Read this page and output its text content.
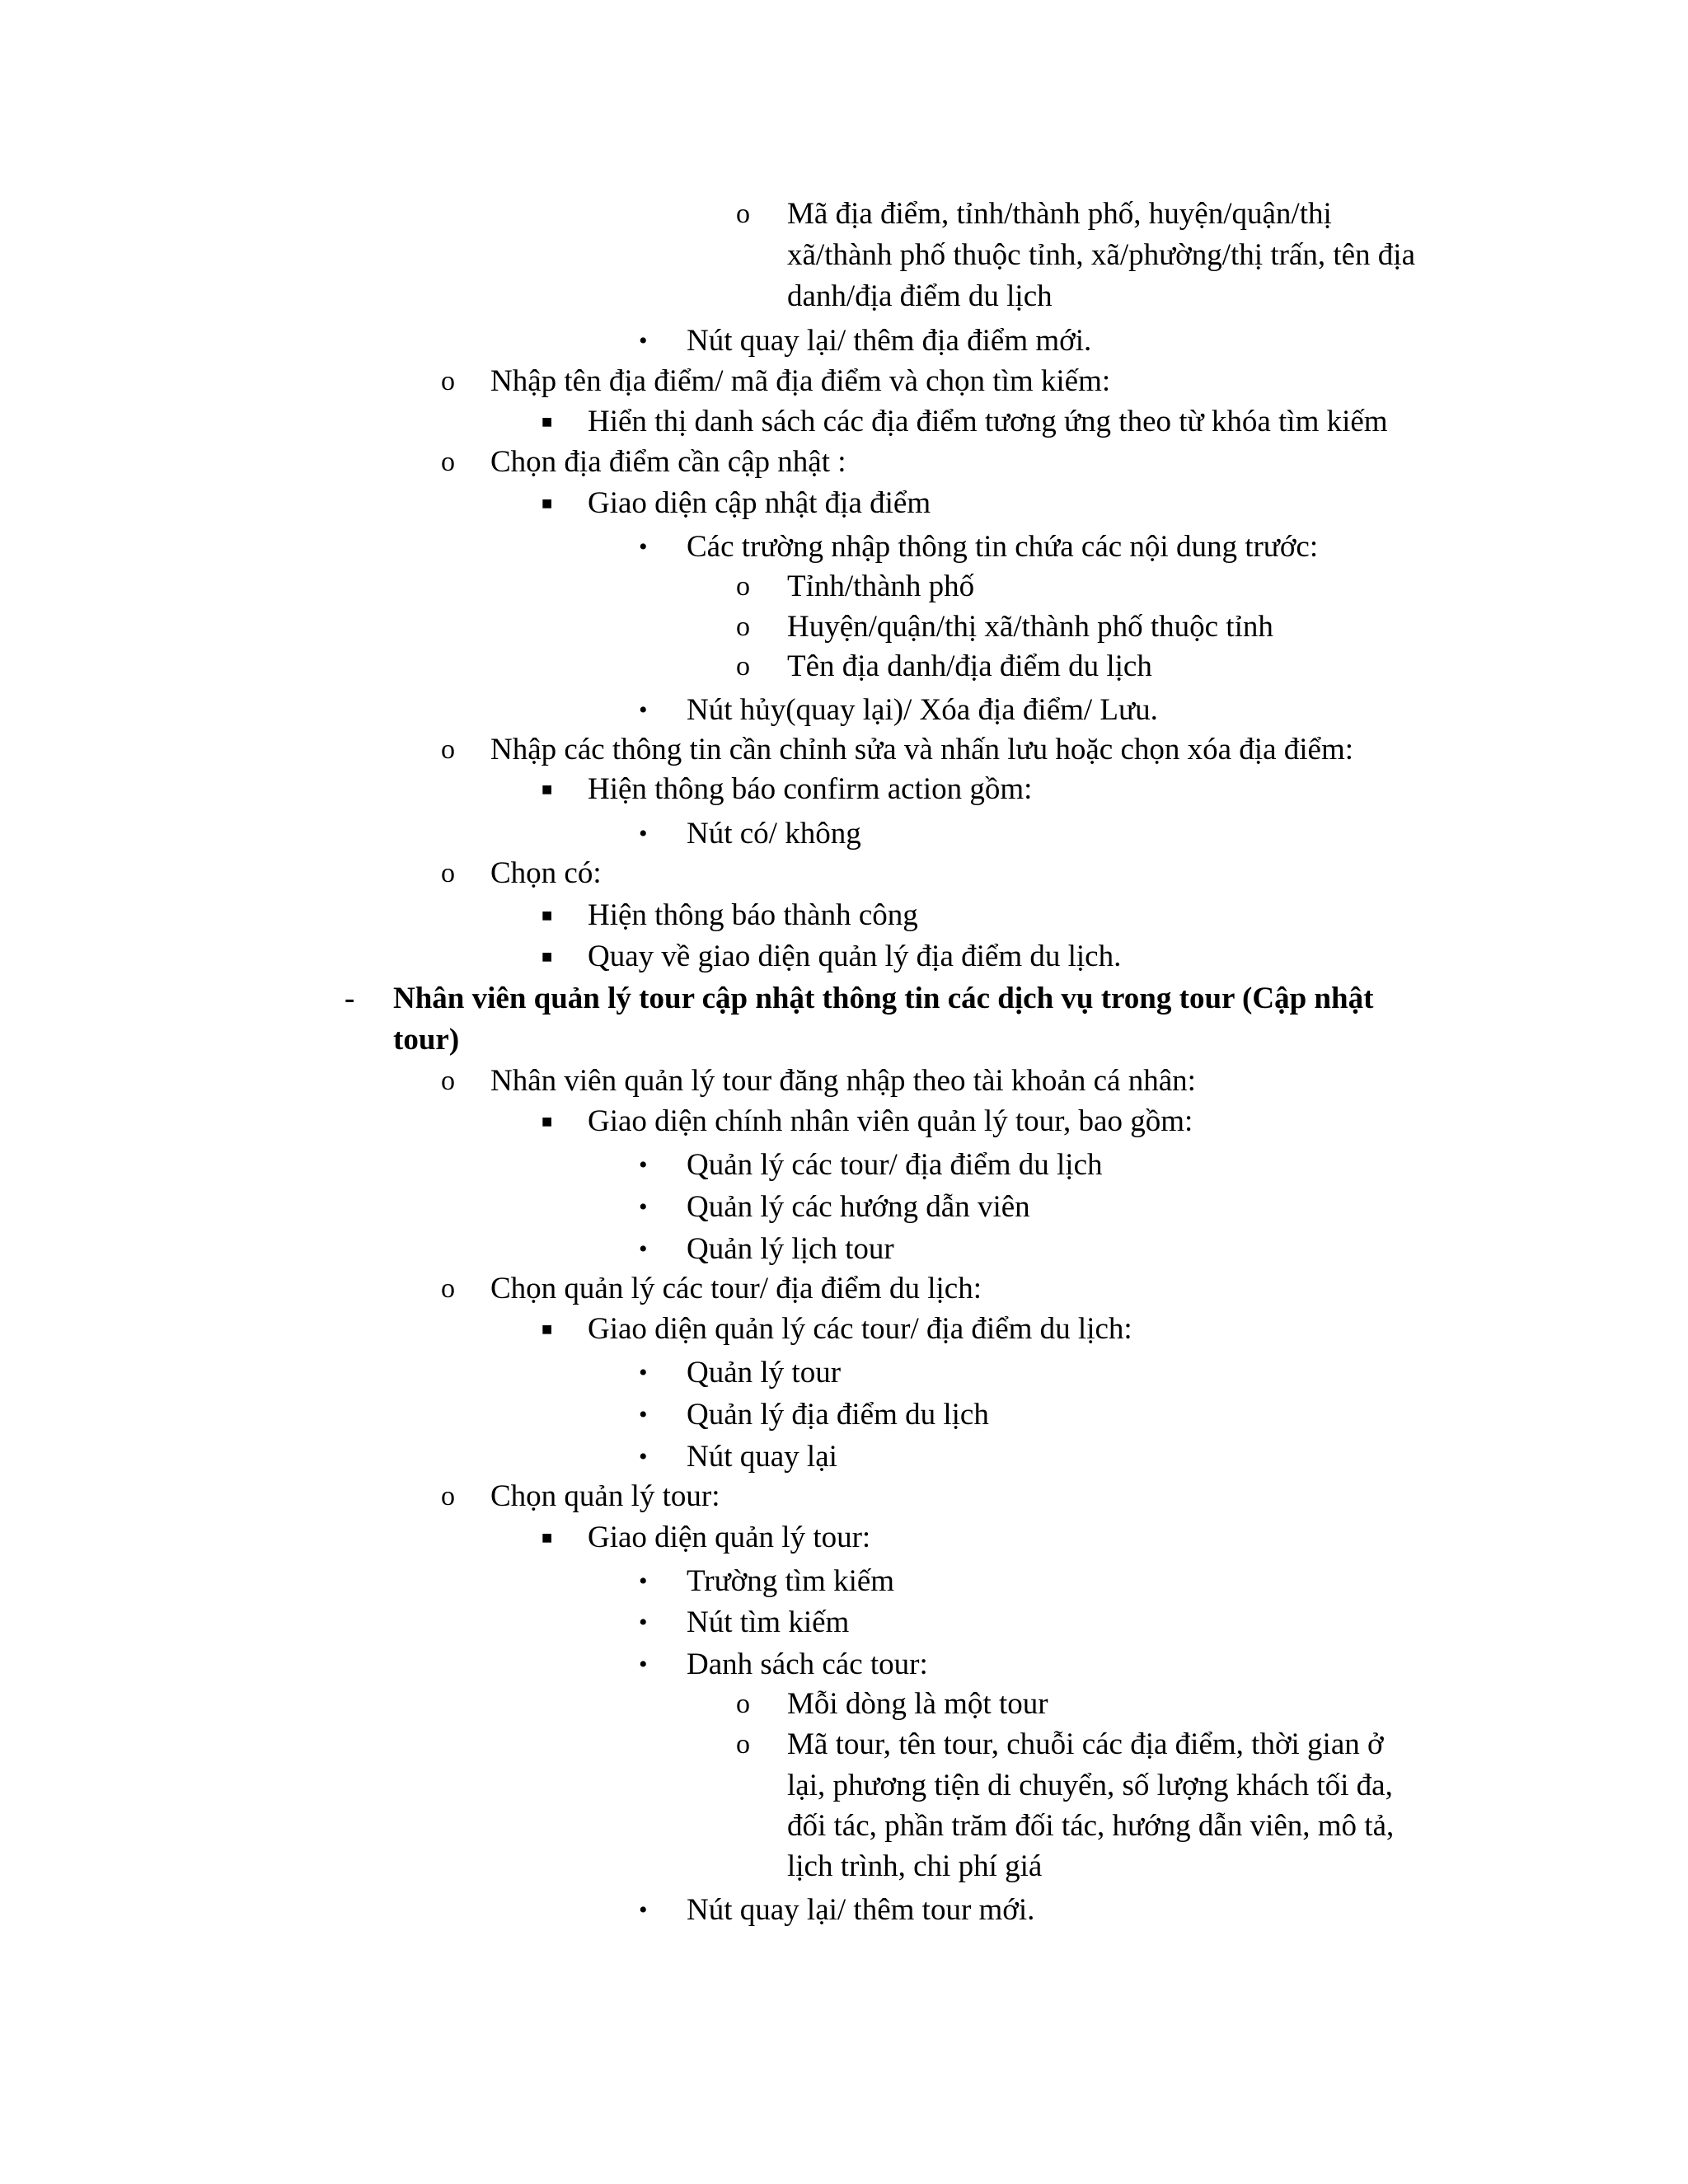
o Mã địa điểm, tỉnh/thành phố, huyện/quận/thị
xã/thành phố thuộc tỉnh, xã/phường/thị trấn, tên địa
danh/địa điểm du lịch
• Nút quay lại/ thêm địa điểm mới.
o Nhập tên địa điểm/ mã địa điểm và chọn tìm kiếm:
■ Hiển thị danh sách các địa điểm tương ứng theo từ khóa tìm kiếm
o Chọn địa điểm cần cập nhật :
■ Giao diện cập nhật địa điểm
• Các trường nhập thông tin chứa các nội dung trước:
o Tỉnh/thành phố
o Huyện/quận/thị xã/thành phố thuộc tỉnh
o Tên địa danh/địa điểm du lịch
• Nút hủy(quay lại)/ Xóa địa điểm/ Lưu.
o Nhập các thông tin cần chỉnh sửa và nhấn lưu hoặc chọn xóa địa điểm:
■ Hiện thông báo confirm action gồm:
• Nút có/ không
o Chọn có:
■ Hiện thông báo thành công
■ Quay về giao diện quản lý địa điểm du lịch.
- Nhân viên quản lý tour cập nhật thông tin các dịch vụ trong tour (Cập nhật
tour)
o Nhân viên quản lý tour đăng nhập theo tài khoản cá nhân:
■ Giao diện chính nhân viên quản lý tour, bao gồm:
• Quản lý các tour/ địa điểm du lịch
• Quản lý các hướng dẫn viên
• Quản lý lịch tour
o Chọn quản lý các tour/ địa điểm du lịch:
■ Giao diện quản lý các tour/ địa điểm du lịch:
• Quản lý tour
• Quản lý địa điểm du lịch
• Nút quay lại
o Chọn quản lý tour:
■ Giao diện quản lý tour:
• Trường tìm kiếm
• Nút tìm kiếm
• Danh sách các tour:
o Mỗi dòng là một tour
o Mã tour, tên tour, chuỗi các địa điểm, thời gian ở
lại, phương tiện di chuyển, số lượng khách tối đa,
đối tác, phần trăm đối tác, hướng dẫn viên, mô tả,
lịch trình, chi phí giá
• Nút quay lại/ thêm tour mới.
